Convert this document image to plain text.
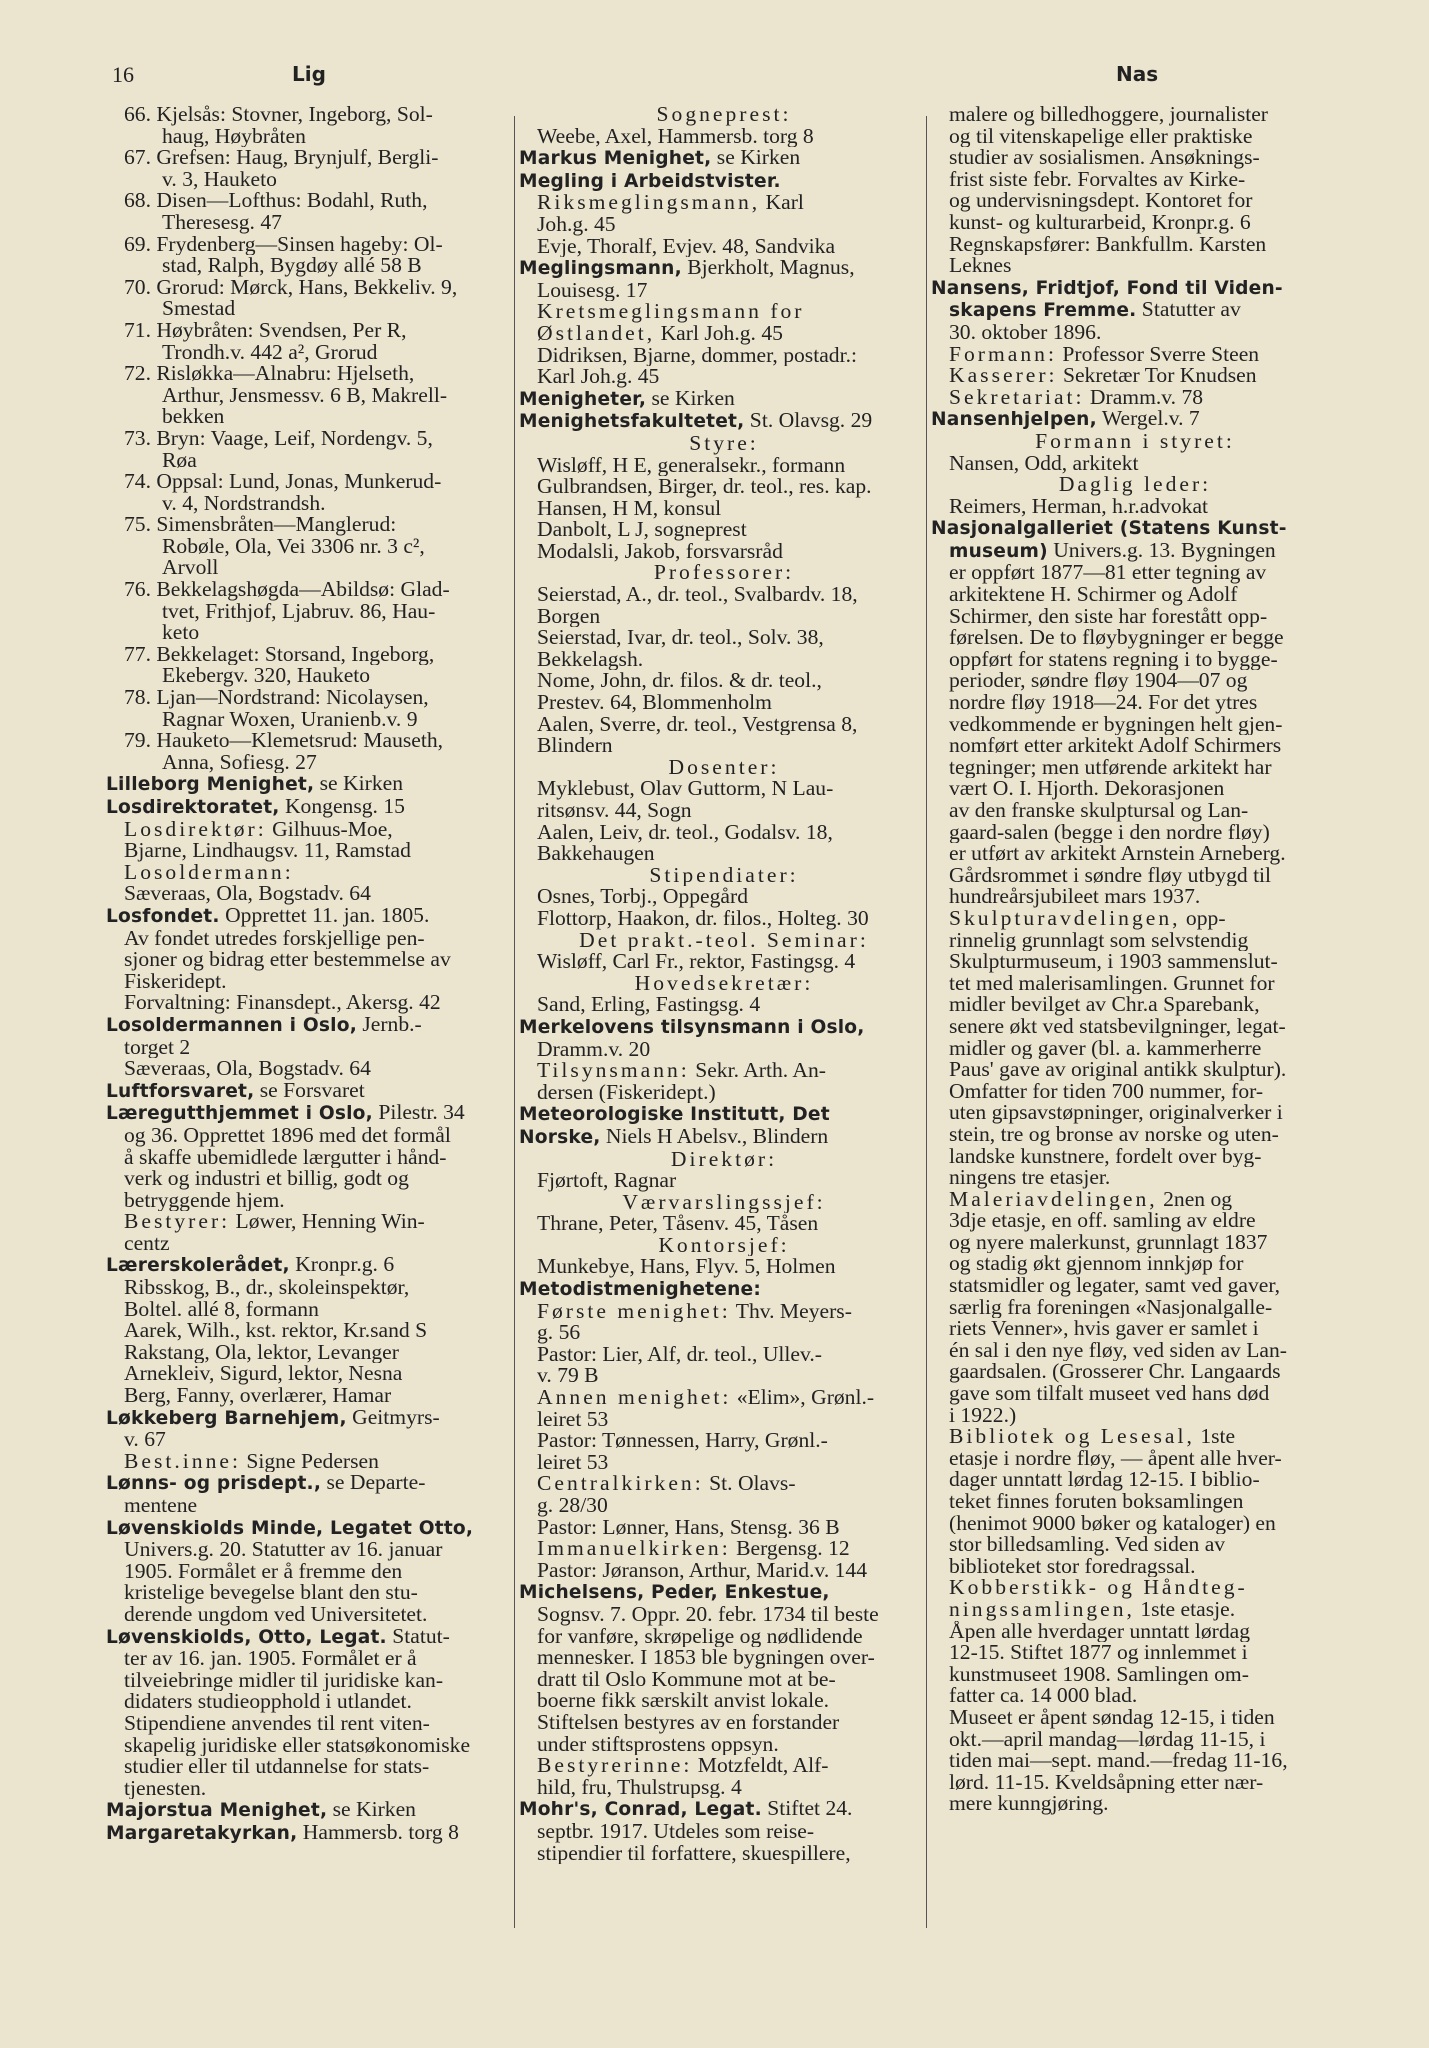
16	Lig	Nas
66. Kjelsås: Stovner, Ingeborg, Sol-
haug, Høybråten
67. Grefsen: Haug, Brynjulf, Bergli-
v. 3, Hauketo
68. Disen—Lofthus: Bodahl, Ruth,
Theresesg. 47
69. Frydenberg—Sinsen hageby: Ol-
stad, Ralph, Bygdøy allé 58 B
70. Grorud: Mørck, Hans, Bekkeliv. 9,
Smestad
71. Høybråten: Svendsen, Per R,
Trondh.v. 442 a², Grorud
72. Risløkka—Alnabru: Hjelseth,
Arthur, Jensmessv. 6 B, Makrell-
bekken
73. Bryn: Vaage, Leif, Nordengv. 5,
Røa
74. Oppsal: Lund, Jonas, Munkerud-
v. 4, Nordstrandsh.
75. Simensbråten—Manglerud:
Robøle, Ola, Vei 3306 nr. 3 c²,
Arvoll
76. Bekkelagshøgda—Abildsø: Glad-
tvet, Frithjof, Ljabruv. 86, Hau-
keto
77. Bekkelaget: Storsand, Ingeborg,
Ekebergv. 320, Hauketo
78. Ljan—Nordstrand: Nicolaysen,
Ragnar Woxen, Uranienb.v. 9
79. Hauketo—Klemetsrud: Mauseth,
Anna, Sofiesg. 27
Lilleborg Menighet, se Kirken
Losdirektoratet, Kongensg. 15
Losdirektør: Gilhuus-Moe,
Bjarne, Lindhaugsv. 11, Ramstad
Losoldermann:
Sæveraas, Ola, Bogstadv. 64
Losfondet. Opprettet 11. jan. 1805.
Av fondet utredes forskjellige pen-
sjoner og bidrag etter bestemmelse av
Fiskeridept.
Forvaltning: Finansdept., Akersg. 42
Losoldermannen i Oslo, Jernb.-
torget 2
Sæveraas, Ola, Bogstadv. 64
Luftforsvaret, se Forsvaret
Læregutthjemmet i Oslo, Pilestr. 34
og 36. Opprettet 1896 med det formål
å skaffe ubemidlede lærgutter i hånd-
verk og industri et billig, godt og
betryggende hjem.
Bestyrer: Løwer, Henning Win-
centz
Lærerskolerådet, Kronpr.g. 6
Ribsskog, B., dr., skoleinspektør,
Boltel. allé 8, formann
Aarek, Wilh., kst. rektor, Kr.sand S
Rakstang, Ola, lektor, Levanger
Arnekleiv, Sigurd, lektor, Nesna
Berg, Fanny, overlærer, Hamar
Løkkeberg Barnehjem, Geitmyrs-
v. 67
Best.inne: Signe Pedersen
Lønns- og prisdept., se Departe-
mentene
Løvenskiolds Minde, Legatet Otto,
Univers.g. 20. Statutter av 16. januar
1905. Formålet er å fremme den
kristelige bevegelse blant den stu-
derende ungdom ved Universitetet.
Løvenskiolds, Otto, Legat. Statut-
ter av 16. jan. 1905. Formålet er å
tilveiebringe midler til juridiske kan-
didaters studieopphold i utlandet.
Stipendiene anvendes til rent viten-
skapelig juridiske eller statsøkonomiske
studier eller til utdannelse for stats-
tjenesten.
Majorstua Menighet, se Kirken
Margaretakyrkan, Hammersb. torg 8
Sogneprest:
Weebe, Axel, Hammersb. torg 8
Markus Menighet, se Kirken
Megling i Arbeidstvister.
Riksmeglingsmann, Karl
Joh.g. 45
Evje, Thoralf, Evjev. 48, Sandvika
Meglingsmann, Bjerkholt, Magnus,
Louisesg. 17
Kretsmeglingsmann for
Østlandet, Karl Joh.g. 45
Didriksen, Bjarne, dommer, postadr.:
Karl Joh.g. 45
Menigheter, se Kirken
Menighetsfakultetet, St. Olavsg. 29
Styre:
Wisløff, H E, generalsekr., formann
Gulbrandsen, Birger, dr. teol., res. kap.
Hansen, H M, konsul
Danbolt, L J, sogneprest
Modalsli, Jakob, forsvarsråd
Professorer:
Seierstad, A., dr. teol., Svalbardv. 18,
Borgen
Seierstad, Ivar, dr. teol., Solv. 38,
Bekkelagsh.
Nome, John, dr. filos. & dr. teol.,
Prestev. 64, Blommenholm
Aalen, Sverre, dr. teol., Vestgrensa 8,
Blindern
Dosenter:
Myklebust, Olav Guttorm, N Lau-
ritsønsv. 44, Sogn
Aalen, Leiv, dr. teol., Godalsv. 18,
Bakkehaugen
Stipendiater:
Osnes, Torbj., Oppegård
Flottorp, Haakon, dr. filos., Holteg. 30
Det prakt.-teol. Seminar:
Wisløff, Carl Fr., rektor, Fastingsg. 4
Hovedsekretær:
Sand, Erling, Fastingsg. 4
Merkelovens tilsynsmann i Oslo,
Dramm.v. 20
Tilsynsmann: Sekr. Arth. An-
dersen (Fiskeridept.)
Meteorologiske Institutt, Det
Norske, Niels H Abelsv., Blindern
Direktør:
Fjørtoft, Ragnar
Værvarslingssjef:
Thrane, Peter, Tåsenv. 45, Tåsen
Kontorsjef:
Munkebye, Hans, Flyv. 5, Holmen
Metodistmenighetene:
Første menighet: Thv. Meyers-
g. 56
Pastor: Lier, Alf, dr. teol., Ullev.-
v. 79 B
Annen menighet: «Elim», Grønl.-
leiret 53
Pastor: Tønnessen, Harry, Grønl.-
leiret 53
Centralkirken: St. Olavs-
g. 28/30
Pastor: Lønner, Hans, Stensg. 36 B
Immanuelkirken: Bergensg. 12
Pastor: Jøranson, Arthur, Marid.v. 144
Michelsens, Peder, Enkestue,
Sognsv. 7. Oppr. 20. febr. 1734 til beste
for vanføre, skrøpelige og nødlidende
mennesker. I 1853 ble bygningen over-
dratt til Oslo Kommune mot at be-
boerne fikk særskilt anvist lokale.
Stiftelsen bestyres av en forstander
under stiftsprostens oppsyn.
Bestyrerinne: Motzfeldt, Alf-
hild, fru, Thulstrupsg. 4
Mohr's, Conrad, Legat. Stiftet 24.
septbr. 1917. Utdeles som reise-
stipendier til forfattere, skuespillere,
malere og billedhoggere, journalister
og til vitenskapelige eller praktiske
studier av sosialismen. Ansøknings-
frist siste febr. Forvaltes av Kirke-
og undervisningsdept. Kontoret for
kunst- og kulturarbeid, Kronpr.g. 6
Regnskapsfører: Bankfullm. Karsten
Leknes
Nansens, Fridtjof, Fond til Viden-
skapens Fremme. Statutter av
30. oktober 1896.
Formann: Professor Sverre Steen
Kasserer: Sekretær Tor Knudsen
Sekretariat: Dramm.v. 78
Nansenhjelpen, Wergel.v. 7
Formann i styret:
Nansen, Odd, arkitekt
Daglig leder:
Reimers, Herman, h.r.advokat
Nasjonalgalleriet (Statens Kunst-
museum) Univers.g. 13. Bygningen
er oppført 1877—81 etter tegning av
arkitektene H. Schirmer og Adolf
Schirmer, den siste har forestått opp-
førelsen. De to fløybygninger er begge
oppført for statens regning i to bygge-
perioder, søndre fløy 1904—07 og
nordre fløy 1918—24. For det ytres
vedkommende er bygningen helt gjen-
nomført etter arkitekt Adolf Schirmers
tegninger; men utførende arkitekt har
vært O. I. Hjorth. Dekorasjonen
av den franske skulptursal og Lan-
gaard-salen (begge i den nordre fløy)
er utført av arkitekt Arnstein Arneberg.
Gårdsrommet i søndre fløy utbygd til
hundreårsjubileet mars 1937.
Skulpturavdelingen, opp-
rinnelig grunnlagt som selvstendig
Skulpturmuseum, i 1903 sammenslut-
tet med malerisamlingen. Grunnet for
midler bevilget av Chr.a Sparebank,
senere økt ved statsbevilgninger, legat-
midler og gaver (bl. a. kammerherre
Paus' gave av original antikk skulptur).
Omfatter for tiden 700 nummer, for-
uten gipsavstøpninger, originalverker i
stein, tre og bronse av norske og uten-
landske kunstnere, fordelt over byg-
ningens tre etasjer.
Maleriavdelingen, 2nen og
3dje etasje, en off. samling av eldre
og nyere malerkunst, grunnlagt 1837
og stadig økt gjennom innkjøp for
statsmidler og legater, samt ved gaver,
særlig fra foreningen «Nasjonalgalle-
riets Venner», hvis gaver er samlet i
én sal i den nye fløy, ved siden av Lan-
gaardsalen. (Grosserer Chr. Langaards
gave som tilfalt museet ved hans død
i 1922.)
Bibliotek og Lesesal, 1ste
etasje i nordre fløy, — åpent alle hver-
dager unntatt lørdag 12-15. I biblio-
teket finnes foruten boksamlingen
(henimot 9000 bøker og kataloger) en
stor billedsamling. Ved siden av
biblioteket stor foredragssal.
Kobberstikk- og Håndteg-
ningssamlingen, 1ste etasje.
Åpen alle hverdager unntatt lørdag
12-15. Stiftet 1877 og innlemmet i
kunstmuseet 1908. Samlingen om-
fatter ca. 14 000 blad.
Museet er åpent søndag 12-15, i tiden
okt.—april mandag—lørdag 11-15, i
tiden mai—sept. mand.—fredag 11-16,
lørd. 11-15. Kveldsåpning etter nær-
mere kunngjøring.
